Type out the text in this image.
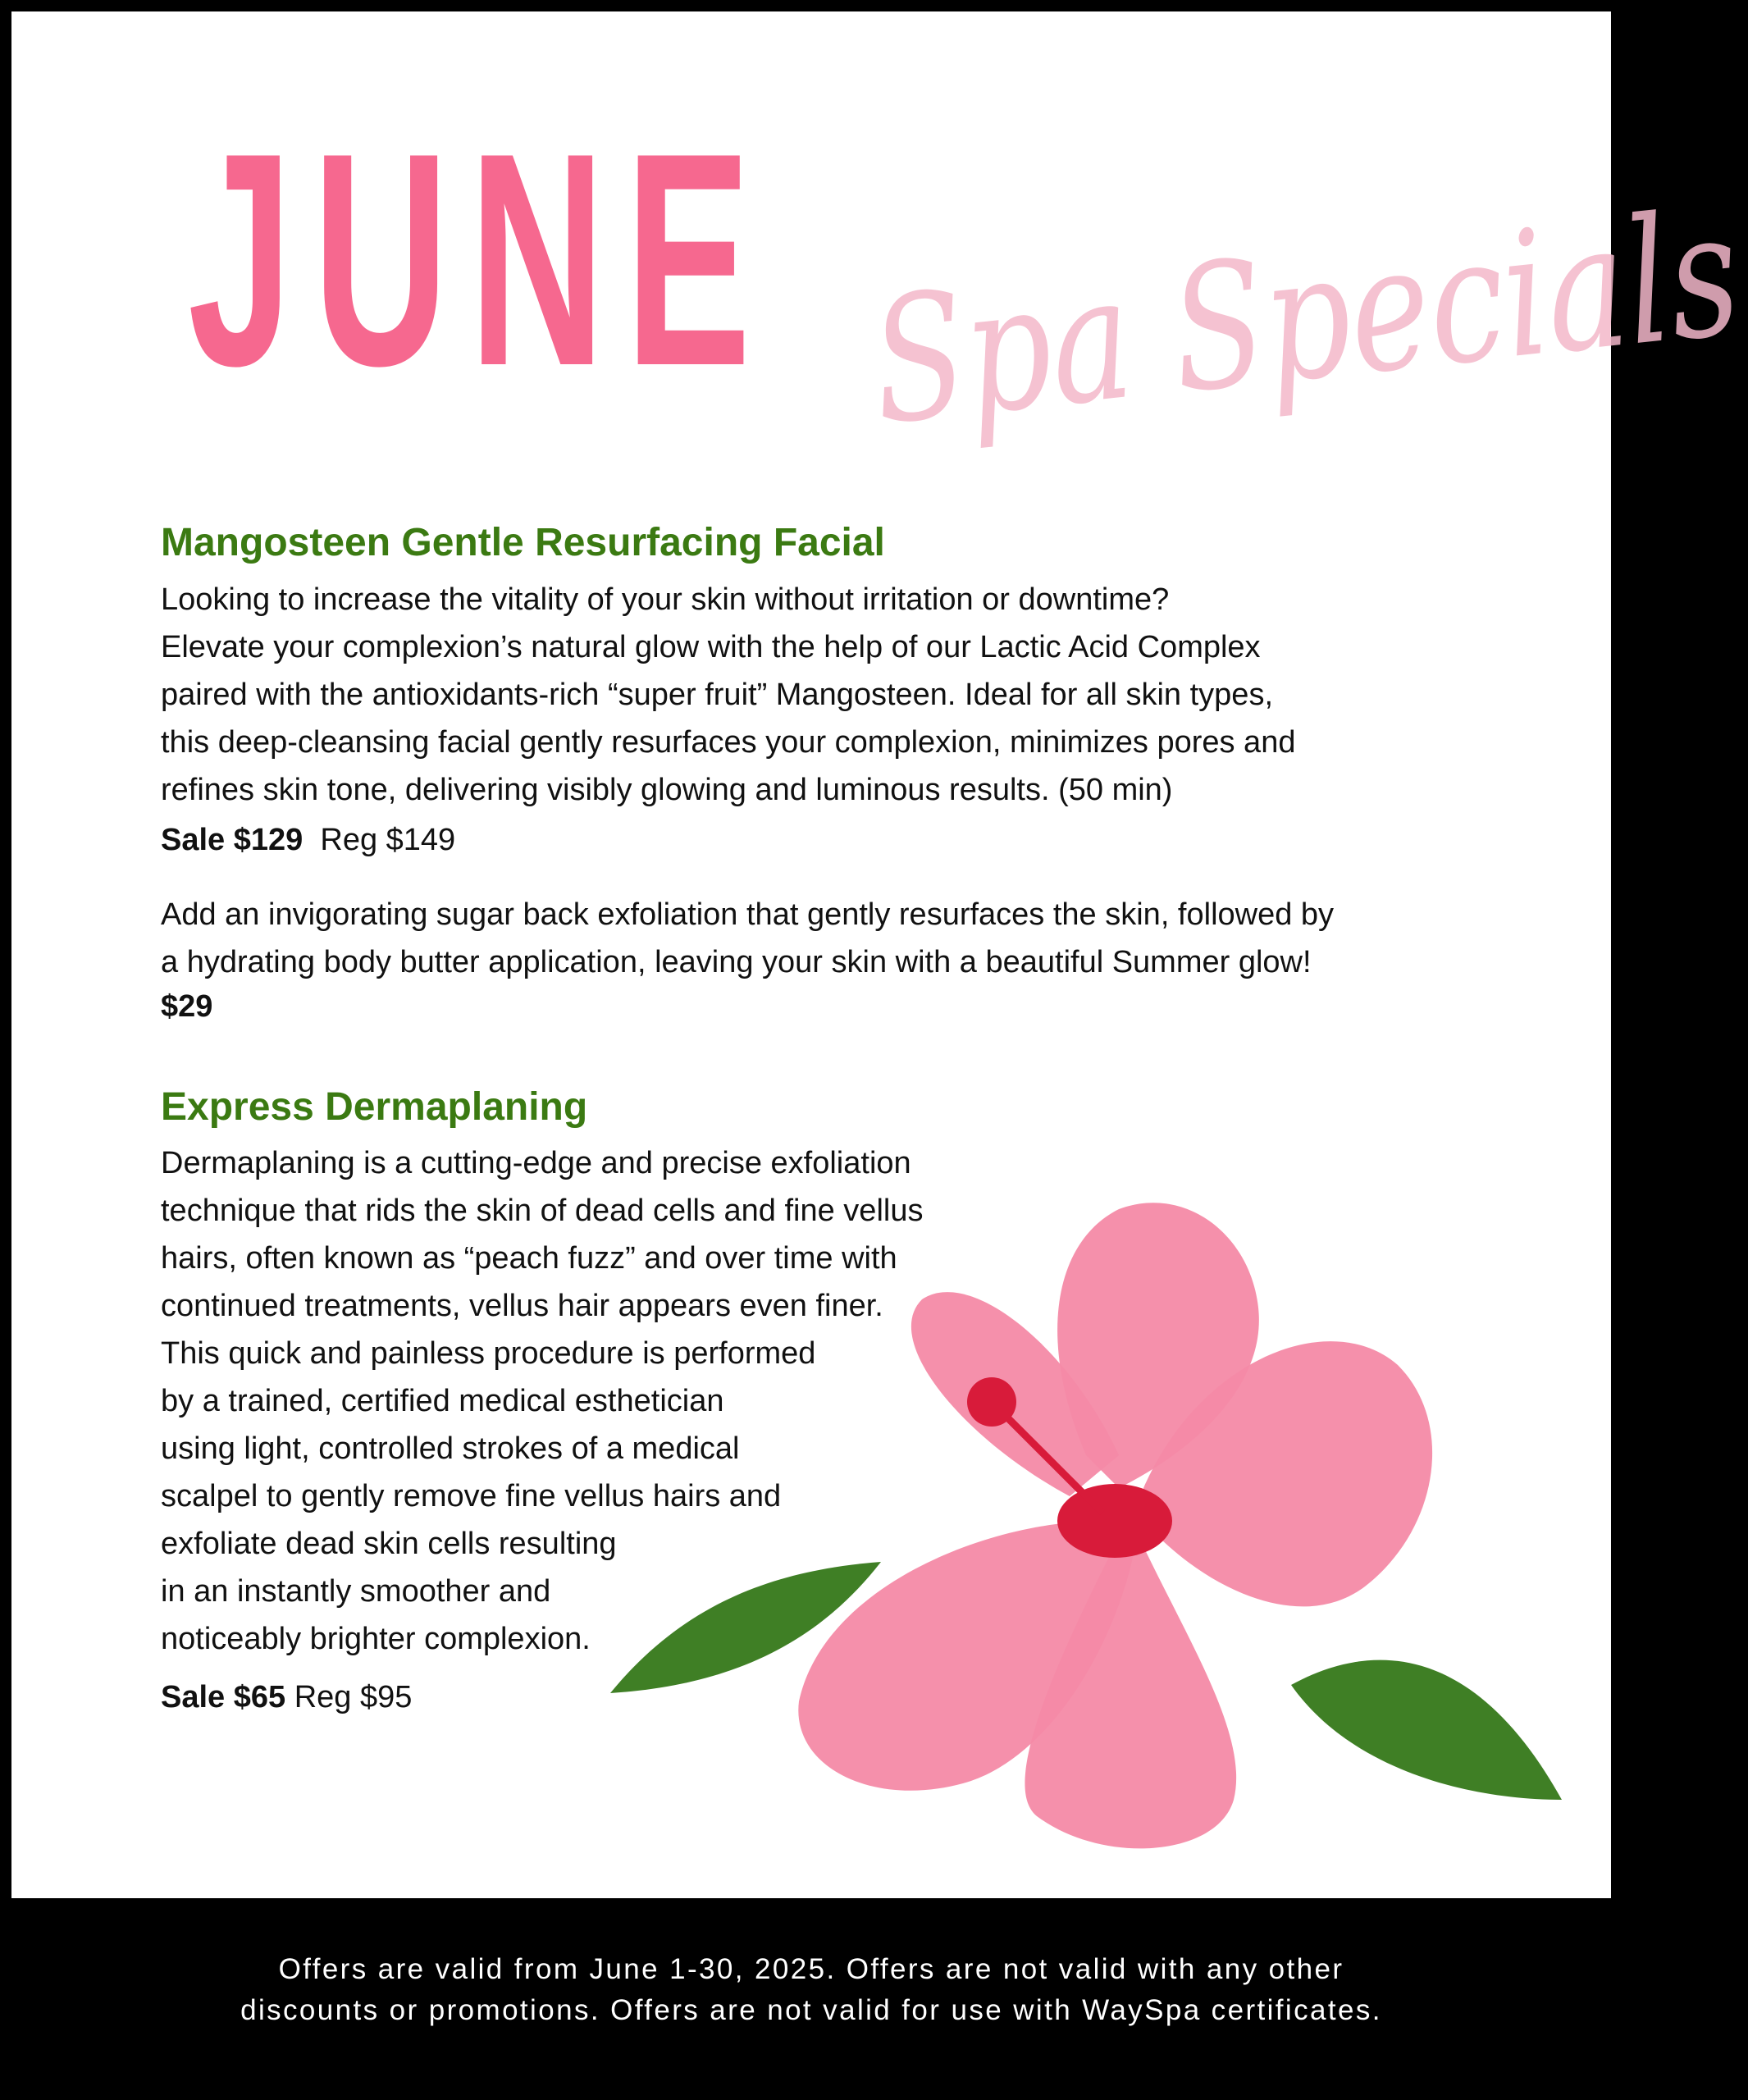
JUNE Spa Specials
Mangosteen Gentle Resurfacing Facial
Looking to increase the vitality of your skin without irritation or downtime?
Elevate your complexion’s natural glow with the help of our Lactic Acid Complex
paired with the antioxidants-rich “super fruit” Mangosteen. Ideal for all skin types,
this deep-cleansing facial gently resurfaces your complexion, minimizes pores and
refines skin tone, delivering visibly glowing and luminous results. (50 min)

Sale $129 Reg $149

Add an invigorating sugar back exfoliation that gently resurfaces the skin, followed by
a hydrating body butter application, leaving your skin with a beautiful Summer glow!

$29

Express Dermaplaning
Dermaplaning is a cutting-edge and precise exfoliation
technique that rids the skin of dead cells and fine vellus
hairs, often known as “peach fuzz” and over time with
continued treatments, vellus hair appears even finer.
This quick and painless procedure is performed
by a trained, certified medical esthetician
using light, controlled strokes of a medical
scalpel to gently remove fine vellus hairs and
exfoliate dead skin cells resulting
in an instantly smoother and
noticeably brighter complexion.

Sale $65 Reg $95

Offers are valid from June 1-30, 2025. Offers are not valid with any other

discounts or promotions. Offers are not valid for use with WaySpa certificates.
